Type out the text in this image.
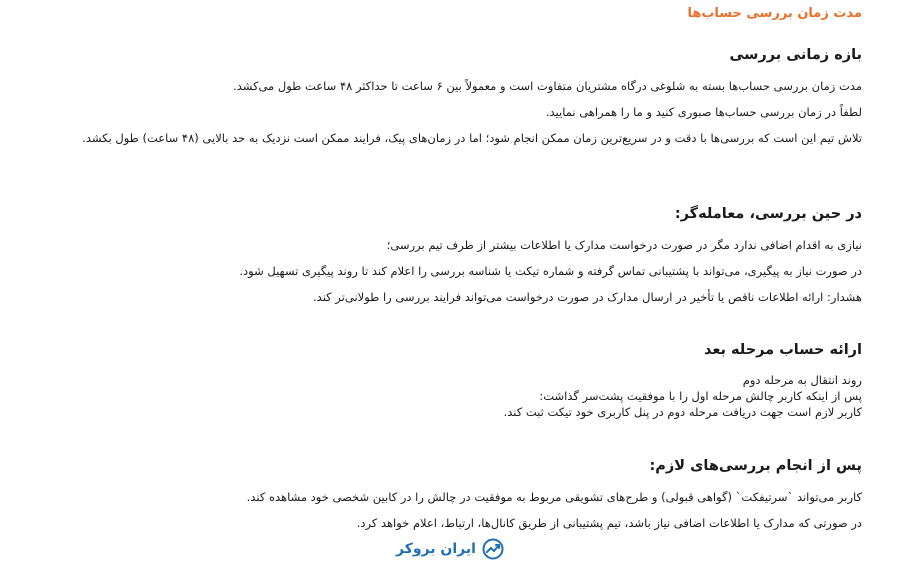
مدت زمان بررسی حساب‌ها
بازه زمانی بررسی

مدت زمان بررسی حساب‌ها بسته به شلوغی درگاه مشتریان متفاوت است و معمولاً بین ۶ ساعت تا حداکثر ۴۸ ساعت طول می‌کشد.

لطفاً در زمان بررسی حساب‌ها صبوری کنید و ما را همراهی نمایید.

تلاش تیم این است که بررسی‌ها با دقت و در سریع‌ترین زمان ممکن انجام شود؛ اما در زمان‌های پیک، فرایند ممکن است نزدیک به حد بالایی (۴۸ ساعت) طول بکشد.

در حین بررسی، معامله‌گر:

نیازی به اقدام اضافی ندارد مگر در صورت درخواست مدارک یا اطلاعات بیشتر از طرف تیم بررسی؛

در صورت نیاز به پیگیری، می‌تواند با پشتیبانی تماس گرفته و شماره تیکت یا شناسه بررسی را اعلام کند تا روند پیگیری تسهیل شود.

هشدار: ارائه اطلاعات ناقص یا تأخیر در ارسال مدارک در صورت درخواست می‌تواند فرایند بررسی را طولانی‌تر کند.

ارائه حساب مرحله بعد

روند انتقال به مرحله دوم

پس از اینکه کاربر چالش مرحله اول را با موفقیت پشت‌سر گذاشت:

کاربر لازم است جهت دریافت مرحله دوم در پنل کاربری خود تیکت ثبت کند.

پس از انجام بررسی‌های لازم:

کاربر می‌تواند `سرتیفکت` (گواهی قبولی) و طرح‌های تشویقی مربوط به موفقیت در چالش را در کابین شخصی خود مشاهده کند.

در صورتی که مدارک یا اطلاعات اضافی نیاز باشد، تیم پشتیبانی از طریق کانال‌ها، ارتباط، اعلام خواهد کرد.

ایران بروکر
